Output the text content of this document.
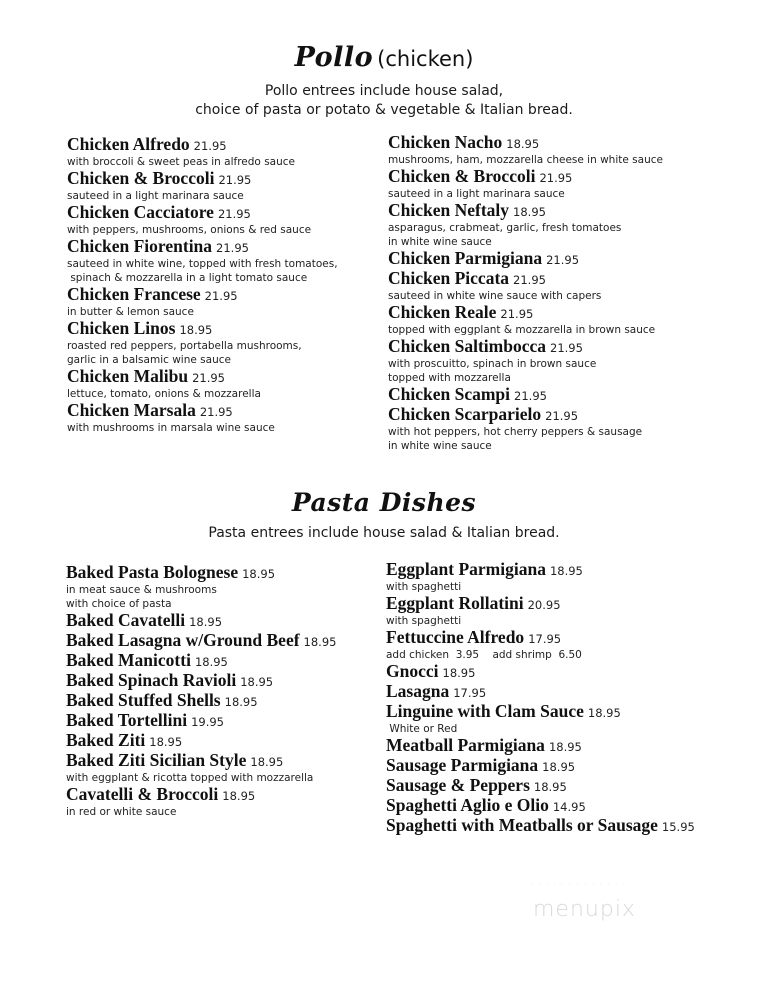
Pollo (chicken)
Pollo entrees include house salad,
choice of pasta or potato & vegetable & Italian bread.
Chicken Alfredo 21.95
with broccoli & sweet peas in alfredo sauce
Chicken & Broccoli 21.95
sauteed in a light marinara sauce
Chicken Cacciatore 21.95
with peppers, mushrooms, onions & red sauce
Chicken Fiorentina 21.95
sauteed in white wine, topped with fresh tomatoes,
spinach & mozzarella in a light tomato sauce
Chicken Francese 21.95
in butter & lemon sauce
Chicken Linos 18.95
roasted red peppers, portabella mushrooms,
garlic in a balsamic wine sauce
Chicken Malibu 21.95
lettuce, tomato, onions & mozzarella
Chicken Marsala 21.95
with mushrooms in marsala wine sauce
Chicken Nacho 18.95
mushrooms, ham, mozzarella cheese in white sauce
Chicken & Broccoli 21.95
sauteed in a light marinara sauce
Chicken Neftaly 18.95
asparagus, crabmeat, garlic, fresh tomatoes
in white wine sauce
Chicken Parmigiana 21.95
Chicken Piccata 21.95
sauteed in white wine sauce with capers
Chicken Reale 21.95
topped with eggplant & mozzarella in brown sauce
Chicken Saltimbocca 21.95
with proscuitto, spinach in brown sauce
topped with mozzarella
Chicken Scampi 21.95
Chicken Scarparielo 21.95
with hot peppers, hot cherry peppers & sausage
in white wine sauce
Pasta Dishes
Pasta entrees include house salad & Italian bread.
Baked Pasta Bolognese 18.95
in meat sauce & mushrooms
with choice of pasta
Baked Cavatelli 18.95
Baked Lasagna w/Ground Beef 18.95
Baked Manicotti 18.95
Baked Spinach Ravioli 18.95
Baked Stuffed Shells 18.95
Baked Tortellini 19.95
Baked Ziti 18.95
Baked Ziti Sicilian Style 18.95
with eggplant & ricotta topped with mozzarella
Cavatelli & Broccoli 18.95
in red or white sauce
Eggplant Parmigiana 18.95
with spaghetti
Eggplant Rollatini 20.95
with spaghetti
Fettuccine Alfredo 17.95
add chicken  3.95    add shrimp  6.50
Gnocci 18.95
Lasagna 17.95
Linguine with Clam Sauce 18.95
White or Red
Meatball Parmigiana 18.95
Sausage Parmigiana 18.95
Sausage & Peppers 18.95
Spaghetti Aglio e Olio 14.95
Spaghetti with Meatballs or Sausage 15.95
· · · · · · · · · · · · ·
menupix
